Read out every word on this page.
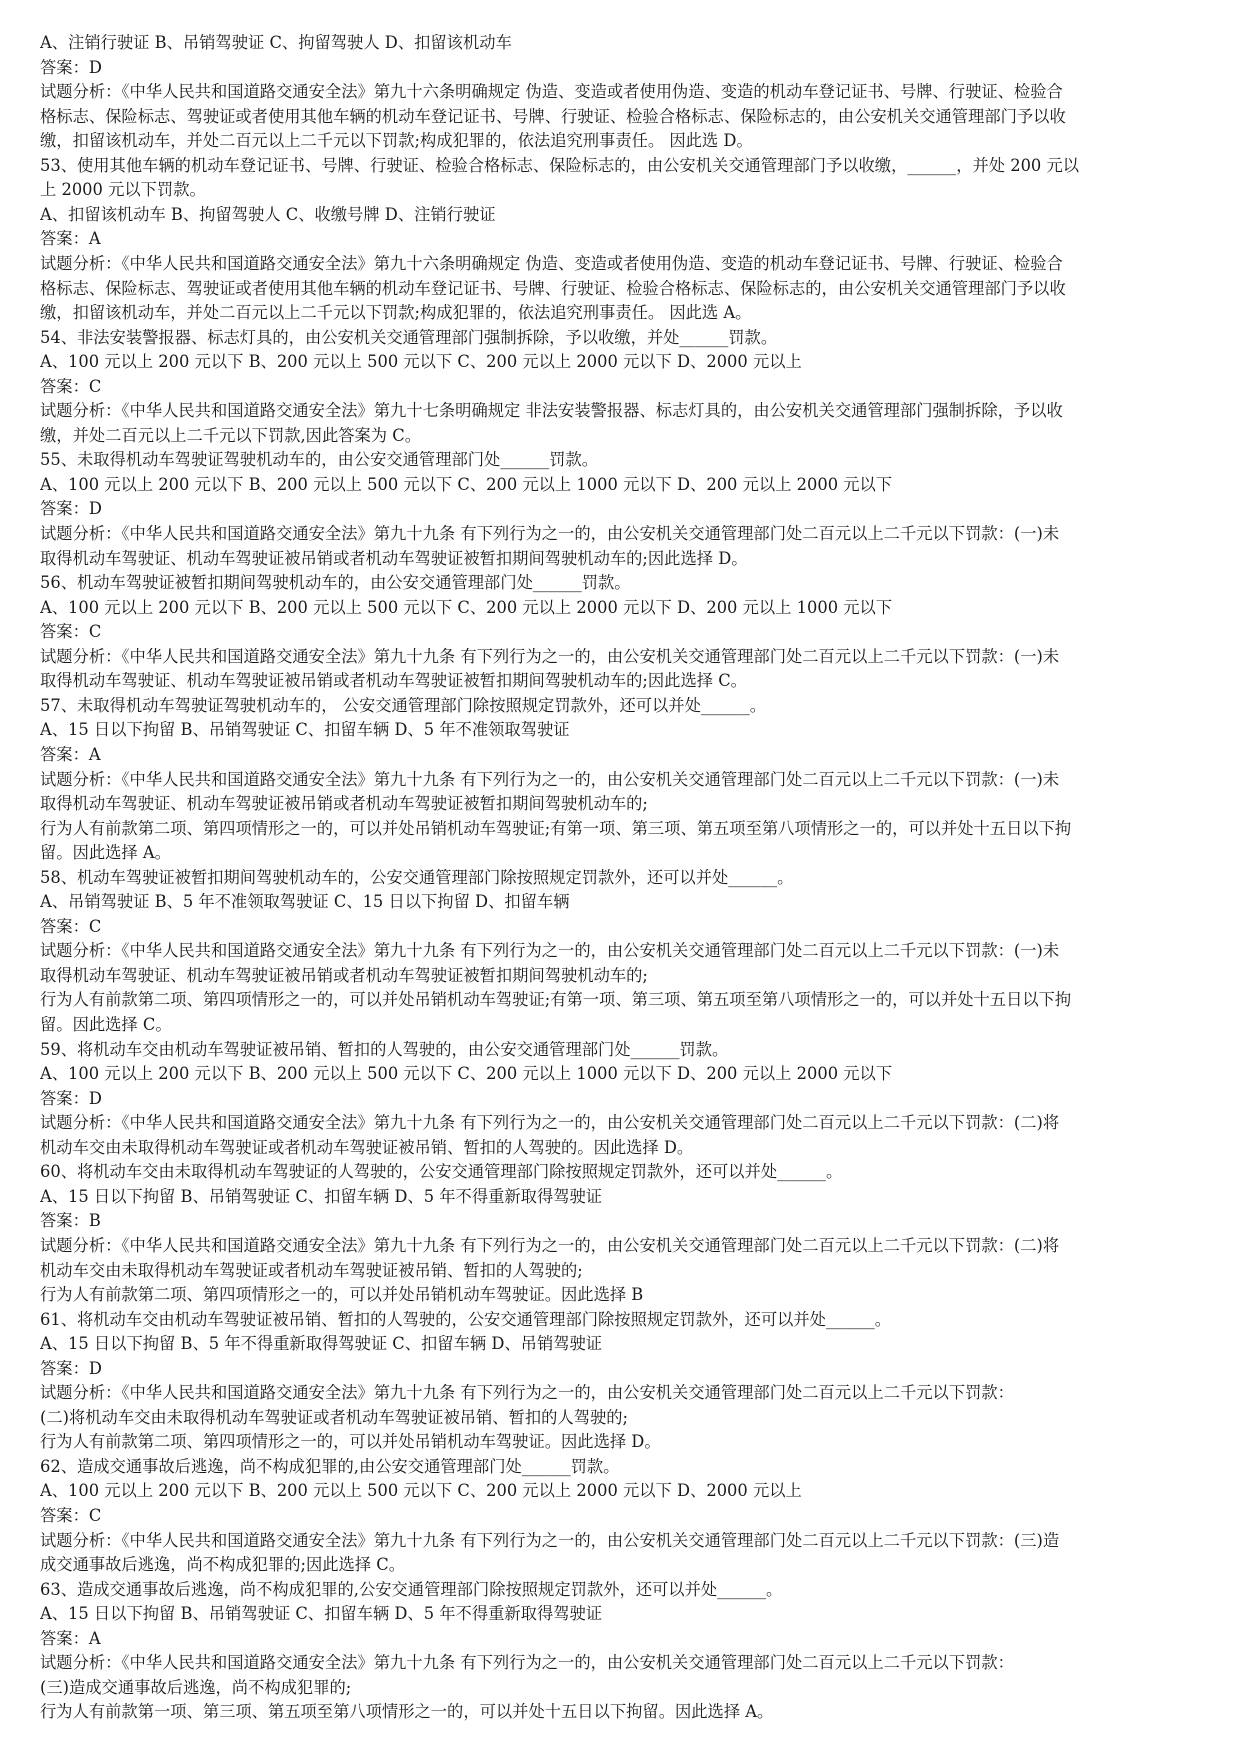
A、注销行驶证 B、吊销驾驶证 C、拘留驾驶人 D、扣留该机动车
答案：D
试题分析：《中华人民共和国道路交通安全法》第九十六条明确规定 伪造、变造或者使用伪造、变造的机动车登记证书、号牌、行驶证、检验合
格标志、保险标志、驾驶证或者使用其他车辆的机动车登记证书、号牌、行驶证、检验合格标志、保险标志的，由公安机关交通管理部门予以收
缴，扣留该机动车，并处二百元以上二千元以下罚款;构成犯罪的，依法追究刑事责任。 因此选 D。
53、使用其他车辆的机动车登记证书、号牌、行驶证、检验合格标志、保险标志的，由公安机关交通管理部门予以收缴，______，并处 200 元以
上 2000 元以下罚款。
A、扣留该机动车 B、拘留驾驶人 C、收缴号牌 D、注销行驶证
答案：A
试题分析：《中华人民共和国道路交通安全法》第九十六条明确规定 伪造、变造或者使用伪造、变造的机动车登记证书、号牌、行驶证、检验合
格标志、保险标志、驾驶证或者使用其他车辆的机动车登记证书、号牌、行驶证、检验合格标志、保险标志的，由公安机关交通管理部门予以收
缴，扣留该机动车，并处二百元以上二千元以下罚款;构成犯罪的，依法追究刑事责任。 因此选 A。
54、非法安装警报器、标志灯具的，由公安机关交通管理部门强制拆除，予以收缴，并处______罚款。
A、100 元以上 200 元以下 B、200 元以上 500 元以下 C、200 元以上 2000 元以下 D、2000 元以上
答案：C
试题分析：《中华人民共和国道路交通安全法》第九十七条明确规定 非法安装警报器、标志灯具的，由公安机关交通管理部门强制拆除，予以收
缴，并处二百元以上二千元以下罚款,因此答案为 C。
55、未取得机动车驾驶证驾驶机动车的，由公安交通管理部门处______罚款。
A、100 元以上 200 元以下 B、200 元以上 500 元以下 C、200 元以上 1000 元以下 D、200 元以上 2000 元以下
答案：D
试题分析：《中华人民共和国道路交通安全法》第九十九条 有下列行为之一的，由公安机关交通管理部门处二百元以上二千元以下罚款：(一)未
取得机动车驾驶证、机动车驾驶证被吊销或者机动车驾驶证被暂扣期间驾驶机动车的;因此选择 D。
56、机动车驾驶证被暂扣期间驾驶机动车的，由公安交通管理部门处______罚款。
A、100 元以上 200 元以下 B、200 元以上 500 元以下 C、200 元以上 2000 元以下 D、200 元以上 1000 元以下
答案：C
试题分析：《中华人民共和国道路交通安全法》第九十九条 有下列行为之一的，由公安机关交通管理部门处二百元以上二千元以下罚款：(一)未
取得机动车驾驶证、机动车驾驶证被吊销或者机动车驾驶证被暂扣期间驾驶机动车的;因此选择 C。
57、未取得机动车驾驶证驾驶机动车的， 公安交通管理部门除按照规定罚款外，还可以并处______。
A、15 日以下拘留 B、吊销驾驶证 C、扣留车辆 D、5 年不准领取驾驶证
答案：A
试题分析：《中华人民共和国道路交通安全法》第九十九条 有下列行为之一的，由公安机关交通管理部门处二百元以上二千元以下罚款：(一)未
取得机动车驾驶证、机动车驾驶证被吊销或者机动车驾驶证被暂扣期间驾驶机动车的;
行为人有前款第二项、第四项情形之一的，可以并处吊销机动车驾驶证;有第一项、第三项、第五项至第八项情形之一的，可以并处十五日以下拘
留。因此选择 A。
58、机动车驾驶证被暂扣期间驾驶机动车的，公安交通管理部门除按照规定罚款外，还可以并处______。
A、吊销驾驶证 B、5 年不准领取驾驶证 C、15 日以下拘留 D、扣留车辆
答案：C
试题分析：《中华人民共和国道路交通安全法》第九十九条 有下列行为之一的，由公安机关交通管理部门处二百元以上二千元以下罚款：(一)未
取得机动车驾驶证、机动车驾驶证被吊销或者机动车驾驶证被暂扣期间驾驶机动车的;
行为人有前款第二项、第四项情形之一的，可以并处吊销机动车驾驶证;有第一项、第三项、第五项至第八项情形之一的，可以并处十五日以下拘
留。因此选择 C。
59、将机动车交由机动车驾驶证被吊销、暂扣的人驾驶的，由公安交通管理部门处______罚款。
A、100 元以上 200 元以下 B、200 元以上 500 元以下 C、200 元以上 1000 元以下 D、200 元以上 2000 元以下
答案：D
试题分析：《中华人民共和国道路交通安全法》第九十九条 有下列行为之一的，由公安机关交通管理部门处二百元以上二千元以下罚款：(二)将
机动车交由未取得机动车驾驶证或者机动车驾驶证被吊销、暂扣的人驾驶的。因此选择 D。
60、将机动车交由未取得机动车驾驶证的人驾驶的，公安交通管理部门除按照规定罚款外，还可以并处______。
A、15 日以下拘留 B、吊销驾驶证 C、扣留车辆 D、5 年不得重新取得驾驶证
答案：B
试题分析：《中华人民共和国道路交通安全法》第九十九条 有下列行为之一的，由公安机关交通管理部门处二百元以上二千元以下罚款：(二)将
机动车交由未取得机动车驾驶证或者机动车驾驶证被吊销、暂扣的人驾驶的;
行为人有前款第二项、第四项情形之一的，可以并处吊销机动车驾驶证。因此选择 B
61、将机动车交由机动车驾驶证被吊销、暂扣的人驾驶的，公安交通管理部门除按照规定罚款外，还可以并处______。
A、15 日以下拘留 B、5 年不得重新取得驾驶证 C、扣留车辆 D、吊销驾驶证
答案：D
试题分析：《中华人民共和国道路交通安全法》第九十九条 有下列行为之一的，由公安机关交通管理部门处二百元以上二千元以下罚款：
(二)将机动车交由未取得机动车驾驶证或者机动车驾驶证被吊销、暂扣的人驾驶的;
行为人有前款第二项、第四项情形之一的，可以并处吊销机动车驾驶证。因此选择 D。
62、造成交通事故后逃逸，尚不构成犯罪的,由公安交通管理部门处______罚款。
A、100 元以上 200 元以下 B、200 元以上 500 元以下 C、200 元以上 2000 元以下 D、2000 元以上
答案：C
试题分析：《中华人民共和国道路交通安全法》第九十九条 有下列行为之一的，由公安机关交通管理部门处二百元以上二千元以下罚款：(三)造
成交通事故后逃逸，尚不构成犯罪的;因此选择 C。
63、造成交通事故后逃逸，尚不构成犯罪的,公安交通管理部门除按照规定罚款外，还可以并处______。
A、15 日以下拘留 B、吊销驾驶证 C、扣留车辆 D、5 年不得重新取得驾驶证
答案：A
试题分析：《中华人民共和国道路交通安全法》第九十九条 有下列行为之一的，由公安机关交通管理部门处二百元以上二千元以下罚款：
(三)造成交通事故后逃逸，尚不构成犯罪的;
行为人有前款第一项、第三项、第五项至第八项情形之一的，可以并处十五日以下拘留。因此选择 A。
